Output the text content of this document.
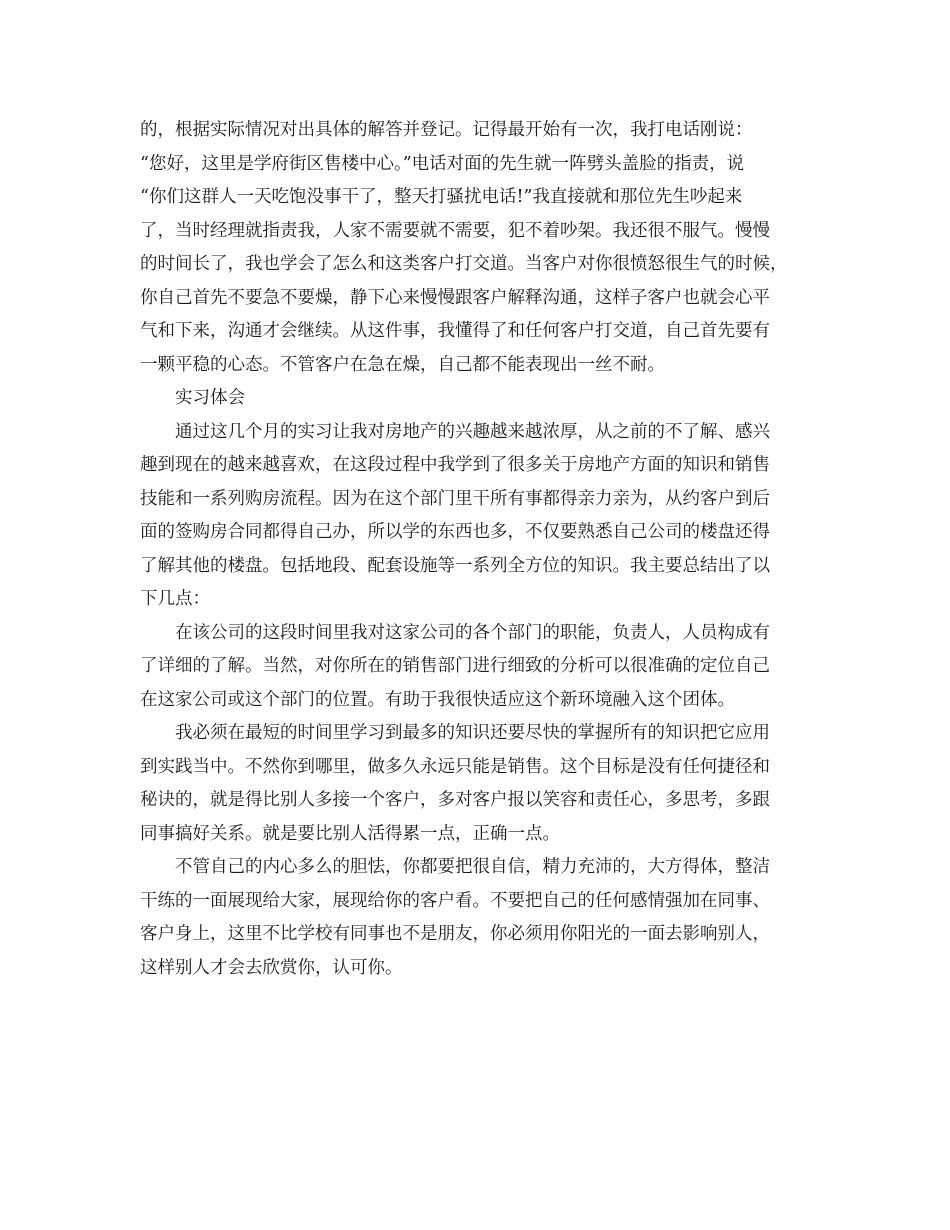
的，根据实际情况对出具体的解答并登记。记得最开始有一次，我打电话刚说：
“您好，这里是学府街区售楼中心。”电话对面的先生就一阵劈头盖脸的指责，说
“你们这群人一天吃饱没事干了，整天打骚扰电话!”我直接就和那位先生吵起来
了，当时经理就指责我，人家不需要就不需要，犯不着吵架。我还很不服气。慢慢
的时间长了，我也学会了怎么和这类客户打交道。当客户对你很愤怒很生气的时候，
你自己首先不要急不要燥，静下心来慢慢跟客户解释沟通，这样子客户也就会心平
气和下来，沟通才会继续。从这件事，我懂得了和任何客户打交道，自己首先要有
一颗平稳的心态。不管客户在急在燥，自己都不能表现出一丝不耐。
实习体会
通过这几个月的实习让我对房地产的兴趣越来越浓厚，从之前的不了解、感兴
趣到现在的越来越喜欢，在这段过程中我学到了很多关于房地产方面的知识和销售
技能和一系列购房流程。因为在这个部门里干所有事都得亲力亲为，从约客户到后
面的签购房合同都得自己办，所以学的东西也多，不仅要熟悉自己公司的楼盘还得
了解其他的楼盘。包括地段、配套设施等一系列全方位的知识。我主要总结出了以
下几点：
在该公司的这段时间里我对这家公司的各个部门的职能，负责人，人员构成有
了详细的了解。当然，对你所在的销售部门进行细致的分析可以很准确的定位自己
在这家公司或这个部门的位置。有助于我很快适应这个新环境融入这个团体。
我必须在最短的时间里学习到最多的知识还要尽快的掌握所有的知识把它应用
到实践当中。不然你到哪里，做多久永远只能是销售。这个目标是没有任何捷径和
秘诀的，就是得比别人多接一个客户，多对客户报以笑容和责任心，多思考，多跟
同事搞好关系。就是要比别人活得累一点，正确一点。
不管自己的内心多么的胆怯，你都要把很自信，精力充沛的，大方得体，整洁
干练的一面展现给大家，展现给你的客户看。不要把自己的任何感情强加在同事、
客户身上，这里不比学校有同事也不是朋友，你必须用你阳光的一面去影响别人，
这样别人才会去欣赏你，认可你。
